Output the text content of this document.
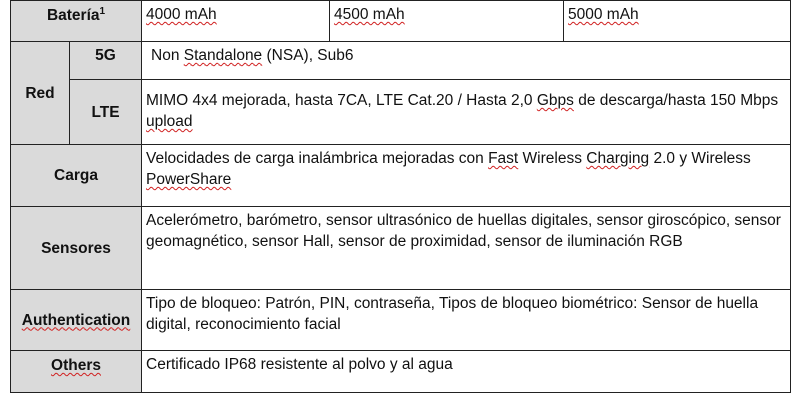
Batería$^1$		4000 mAh	4500 mAh	5000 mAh
Red	5G	Non Standalone (NSA), Sub6		
	LTE	MIMO 4x4 mejorada, hasta 7CA, LTE Cat.20 / Hasta 2,0 Gbps de descarga/hasta 150 Mbps upload		
Carga		Velocidades de carga inalámbrica mejoradas con Fast Wireless Charging 2.0 y Wireless PowerShare		
Sensores		Acelerómetro, barómetro, sensor ultrasónico de huellas digitales, sensor giroscópico, sensor geomagnético, sensor Hall, sensor de proximidad, sensor de iluminación RGB		
Authentication		Tipo de bloqueo: Patrón, PIN, contraseña, Tipos de bloqueo biométrico: Sensor de huella digital, reconocimiento facial		
Others		Certificado IP68 resistente al polvo y al agua		
